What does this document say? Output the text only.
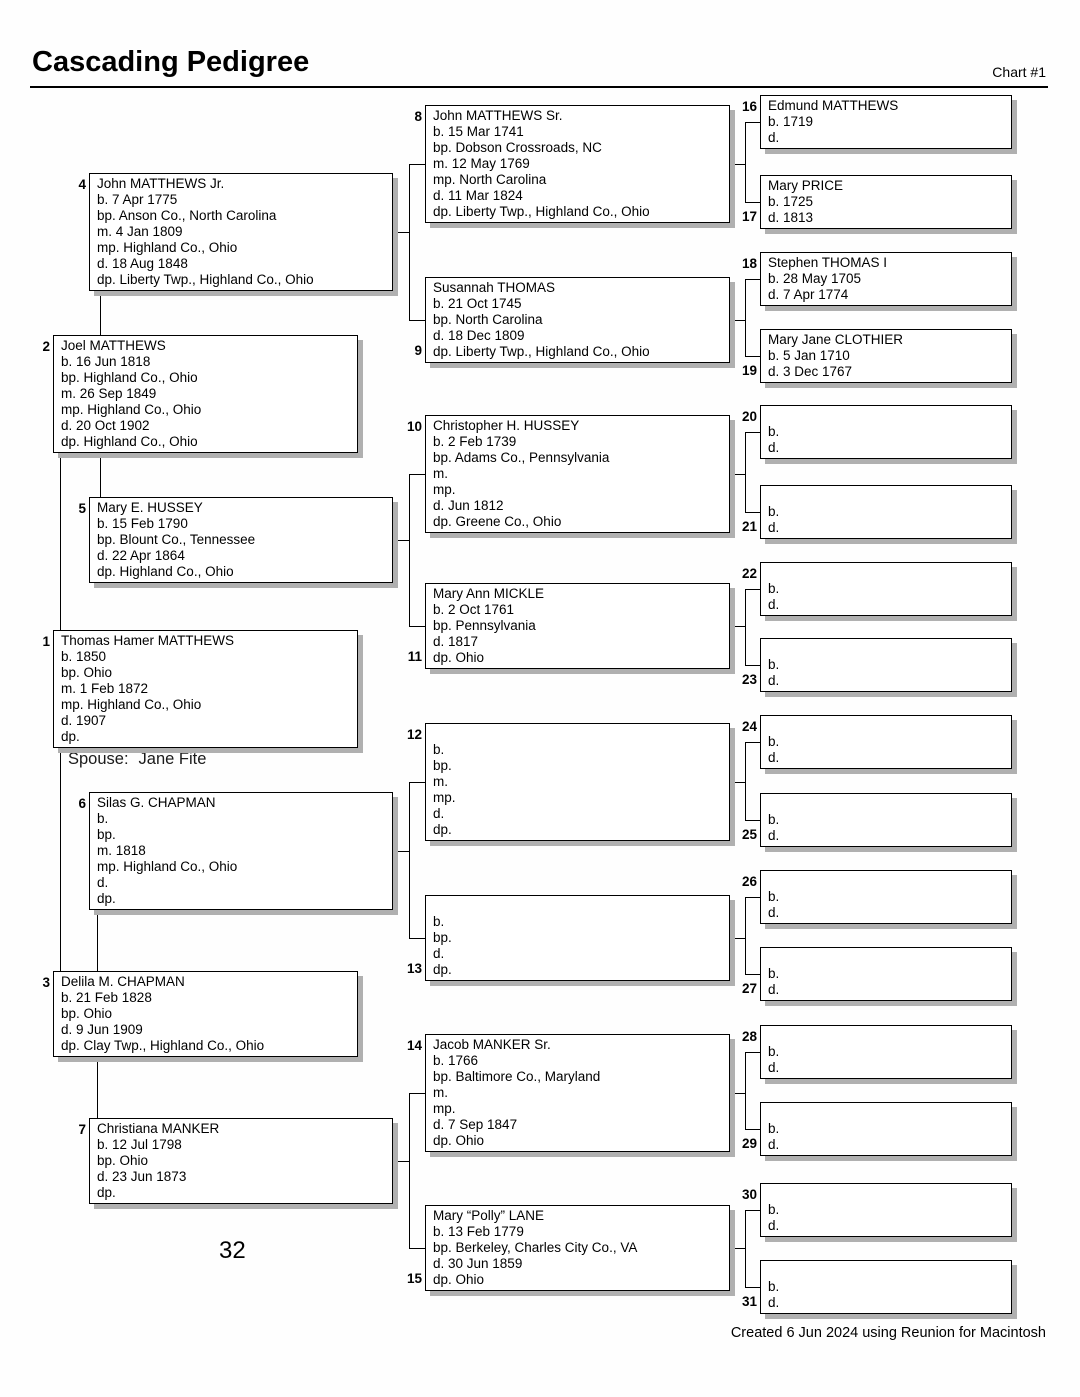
Cascading Pedigree	Chart #1
1 Thomas Hamer MATTHEWS
b. 1850
bp. Ohio
m. 1 Feb 1872
mp. Highland Co., Ohio
d. 1907
dp.
2 Joel MATTHEWS
b. 16 Jun 1818
bp. Highland Co., Ohio
m. 26 Sep 1849
mp. Highland Co., Ohio
d. 20 Oct 1902
dp. Highland Co., Ohio
3 Delila M. CHAPMAN
b. 21 Feb 1828
bp. Ohio
d. 9 Jun 1909
dp. Clay Twp., Highland Co., Ohio
4 John MATTHEWS Jr.
b. 7 Apr 1775
bp. Anson Co., North Carolina
m. 4 Jan 1809
mp. Highland Co., Ohio
d. 18 Aug 1848
dp. Liberty Twp., Highland Co., Ohio
5 Mary E. HUSSEY
b. 15 Feb 1790
bp. Blount Co., Tennessee
d. 22 Apr 1864
dp. Highland Co., Ohio
6 Silas G. CHAPMAN
b.
bp.
m. 1818
mp. Highland Co., Ohio
d.
dp.
7 Christiana MANKER
b. 12 Jul 1798
bp. Ohio
d. 23 Jun 1873
dp.
8 John MATTHEWS Sr.
b. 15 Mar 1741
bp. Dobson Crossroads, NC
m. 12 May 1769
mp. North Carolina
d. 11 Mar 1824
dp. Liberty Twp., Highland Co., Ohio
9
Susannah THOMAS
b. 21 Oct 1745
bp. North Carolina
d. 18 Dec 1809
dp. Liberty Twp., Highland Co., Ohio
10 Christopher H. HUSSEY
b. 2 Feb 1739
bp. Adams Co., Pennsylvania
m.
mp.
d. Jun 1812
dp. Greene Co., Ohio
11
Mary Ann MICKLE
b. 2 Oct 1761
bp. Pennsylvania
d. 1817
dp. Ohio
12
b.
bp.
m.
mp.
d.
dp.
13
b.
bp.
d.
dp.
14 Jacob MANKER Sr.
b. 1766
bp. Baltimore Co., Maryland
m.
mp.
d. 7 Sep 1847
dp. Ohio
15
Mary “Polly” LANE
b. 13 Feb 1779
bp. Berkeley, Charles City Co., VA
d. 30 Jun 1859
dp. Ohio
16 Edmund MATTHEWS
b. 1719
d.
17
Mary PRICE
b. 1725
d. 1813
18 Stephen THOMAS I
b. 28 May 1705
d. 7 Apr 1774
19
Mary Jane CLOTHIER
b. 5 Jan 1710
d. 3 Dec 1767
20
b.
d.
21
b.
d.
22
b.
d.
23
b.
d.
24
b.
d.
25
b.
d.
26
b.
d.
27
b.
d.
28
b.
d.
29
b.
d.
30
b.
d.
31
b.
d.
Spouse: Jane Fite
32
Created 6 Jun 2024 using Reunion for Macintosh
